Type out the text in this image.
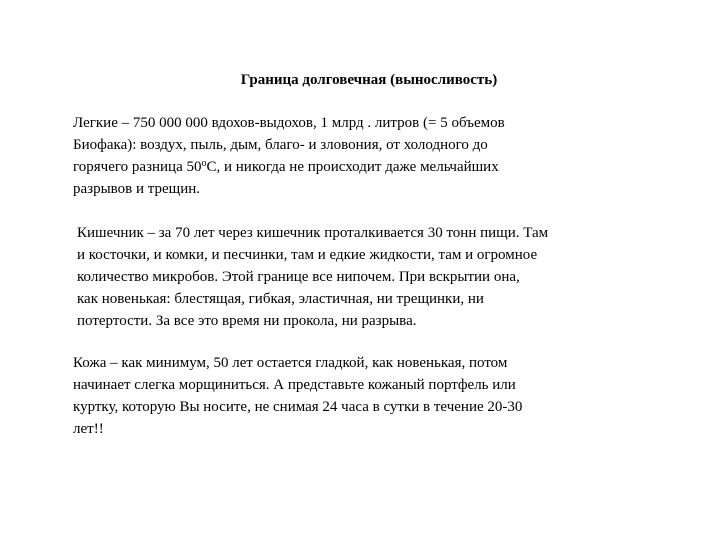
Граница долговечная (выносливость)
Легкие – 750 000 000 вдохов-выдохов, 1 млрд . литров (= 5 объемов
Биофака): воздух, пыль, дым, благо- и зловония, от холодного до
горячего разница $50^оС$, и никогда не происходит даже мельчайших
разрывов и трещин.
Кишечник – за 70 лет через кишечник проталкивается 30 тонн пищи. Там
и косточки, и комки, и песчинки, там и едкие жидкости, там и огромное
количество микробов. Этой границе все нипочем. При вскрытии она,
как новенькая: блестящая, гибкая, эластичная, ни трещинки, ни
потертости. За все это время ни прокола, ни разрыва.
Кожа – как минимум, 50 лет остается гладкой, как новенькая, потом
начинает слегка морщиниться. А представьте кожаный портфель или
куртку, которую Вы носите, не снимая 24 часа в сутки в течение 20-30
лет!!
